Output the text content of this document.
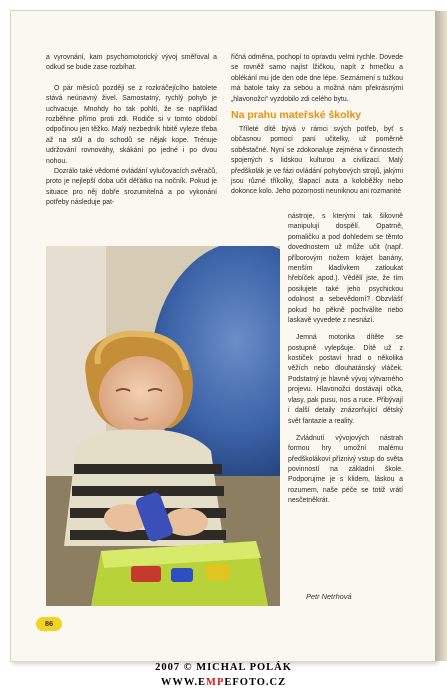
a vyrovnání, kam psychomotorický vývoj směřoval a odkud se bude zase rozbíhat.

O pár měsíců později se z rozkráčejícího batolete stává neúnavný živel. Samostatný, rychlý pohyb je uchvacuje. Mnohdy ho tak pohltí, že se například rozběhne přímo proti zdi. Rodiče si v tomto období odpočinou jen těžko. Malý nezbedník hbitě vyleze třeba až na stůl a do schodů se nějak kope. Trénuje udržování rovnováhy, skákání po jedné i po dvou nohou.

Dozrálo také vědomé ovládání vylučovacích svěračů, proto je nejlepší doba učit děťátko na nočník. Pokud je situace pro něj dobře srozumitelná a po vykonání potřeby následuje pat-

řičná odměna, pochopí to opravdu velmi rychle. Dovede se rovněž samo najíst lžičkou, napít z hrnečku a oblékání mu jde den ode dne lépe. Seznámení s tužkou má batole taky za sebou a možná nám překrásnými „hlavonožci“ vyzdobilo zdi celého bytu.

Na prahu mateřské školky

Tříleté dítě bývá v rámci svých potřeb, byť s občasnou pomocí paní učitelky, už poměrně soběstačné. Nyní se zdokonaluje zejména v činnostech spojených s lidskou kulturou a civilizací. Malý předškolák je ve fázi ovládání pohybových strojů, jakými jsou různé tříkolky, šlapací auta a koloběžky nebo dokonce kolo. Jeho pozornosti neuniknou ani rozmanité

nástroje, s kterými tak šikovně manipulují dospělí. Opatrně, pomaličku a pod dohledem se těmto dovednostem už může učit (např. příborovým nožem krájet banány, menším kladívkem zatloukat hřebíček apod.). Vědělí jste, že tím posilujete také jeho psychickou odolnost a sebevědomí? Obzvlášť pokud ho pěkně pochválíte nebo laskavě vyvedete z nesnází.

Jemná motorika dítěte se postupně vylepšuje. Dítě už z kostiček postaví hrad o několika věžích nebo dlouhatánský vláček. Podstatný je hlavně vývoj výtvarného projevu. Hlavonožci dostávají očka, vlasy, pak pusu, nos a ruce. Přibývají i další detaily znázorňující dětský svět fantazie a reality.

Zvládnutí vývojových nástrah formou hry umožní malému předškolákovi příznivý vstup do světa povinností na základní škole. Podporujme je s klidem, láskou a rozumem, naše péče se totiž vrátí nesčetněkrát.

Petr Netrhová
86
2007 © MICHAL POLÁK
WWW.EMPEFOTO.CZ
